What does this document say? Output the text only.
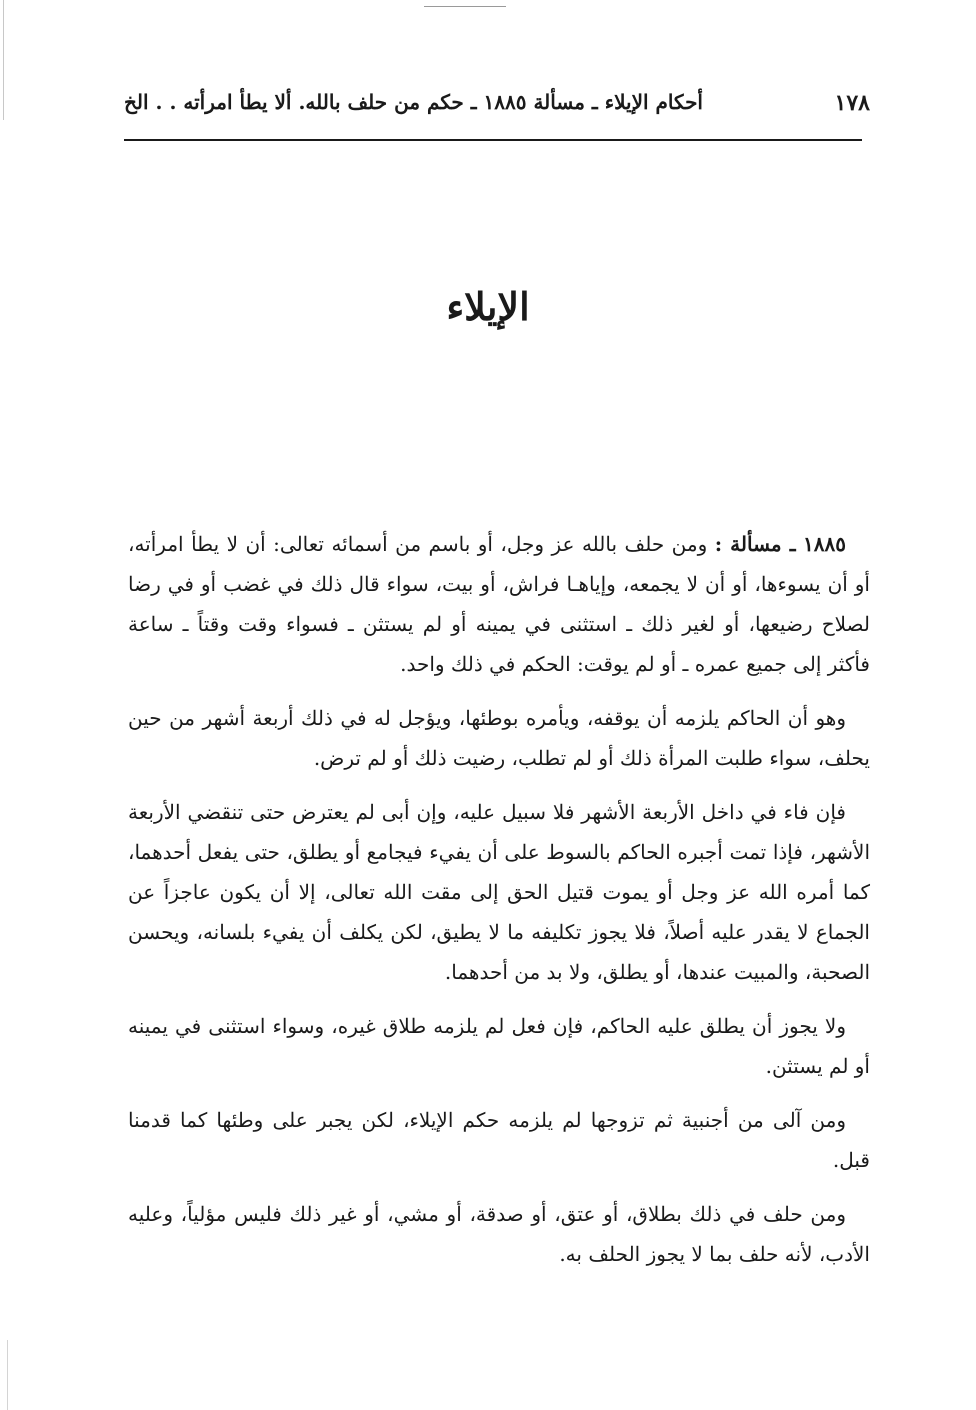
١٧٨
أحكام الإيلاء ـ مسألة ١٨٨٥ ـ حكم من حلف بالله. ألا يطأ امرأته . . الخ
الإيلاء

١٨٨٥ ـ مسألة : ومن حلف بالله عز وجل، أو باسم من أسمائه تعالى: أن لا يطأ امرأته، أو أن يسوءها، أو أن لا يجمعه، وإياهـا فراش، أو بيت، سواء قال ذلك في غضب أو في رضا لصلاح رضيعها، أو لغير ذلك ـ استثنى في يمينه أو لم يستثن ـ فسواء وقت وقتاً ـ ساعة فأكثر إلى جميع عمره ـ أو لم يوقت: الحكم في ذلك واحد.

وهو أن الحاكم يلزمه أن يوقفه، ويأمره بوطئها، ويؤجل له في ذلك أربعة أشهر من حين يحلف، سواء طلبت المرأة ذلك أو لم تطلب، رضيت ذلك أو لم ترض.

فإن فاء في داخل الأربعة الأشهر فلا سبيل عليه، وإن أبى لم يعترض حتى تنقضي الأربعة الأشهر، فإذا تمت أجبره الحاكم بالسوط على أن يفيء فيجامع أو يطلق، حتى يفعل أحدهما، كما أمره الله عز وجل أو يموت قتيل الحق إلى مقت الله تعالى، إلا أن يكون عاجزاً عن الجماع لا يقدر عليه أصلاً، فلا يجوز تكليفه ما لا يطيق، لكن يكلف أن يفيء بلسانه، ويحسن الصحبة، والمبيت عندها، أو يطلق، ولا بد من أحدهما.

ولا يجوز أن يطلق عليه الحاكم، فإن فعل لم يلزمه طلاق غيره، وسواء استثنى في يمينه أو لم يستثن.

ومن آلى من أجنبية ثم تزوجها لم يلزمه حكم الإيلاء، لكن يجبر على وطئها كما قدمنا قبل.

ومن حلف في ذلك بطلاق، أو عتق، أو صدقة، أو مشي، أو غير ذلك فليس مؤلياً، وعليه الأدب، لأنه حلف بما لا يجوز الحلف به.
